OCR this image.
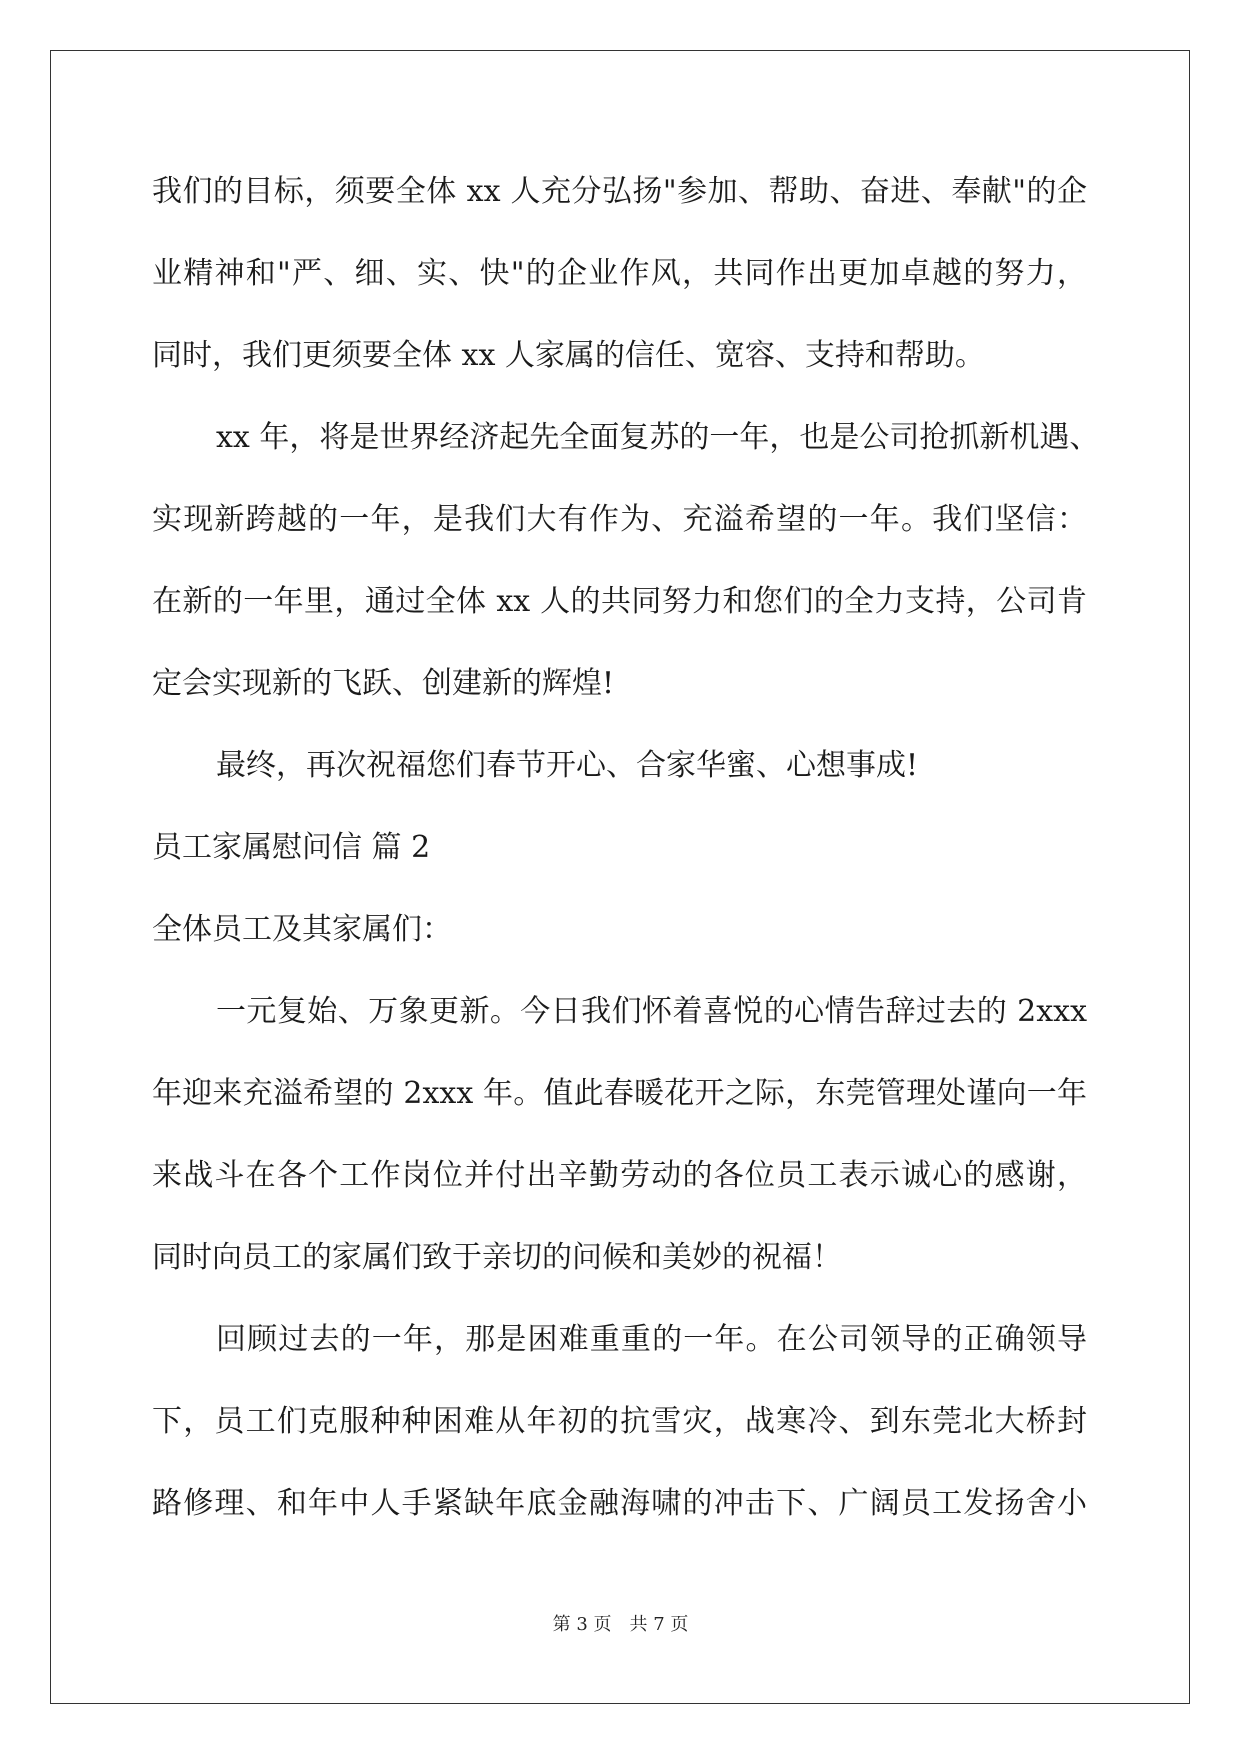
我们的目标，须要全体 xx 人充分弘扬"参加、帮助、奋进、奉献"的企
业精神和"严、细、实、快"的企业作风，共同作出更加卓越的努力，
同时，我们更须要全体 xx 人家属的信任、宽容、支持和帮助。
xx 年，将是世界经济起先全面复苏的一年，也是公司抢抓新机遇、
实现新跨越的一年，是我们大有作为、充溢希望的一年。我们坚信：
在新的一年里，通过全体 xx 人的共同努力和您们的全力支持，公司肯
定会实现新的飞跃、创建新的辉煌!
最终，再次祝福您们春节开心、合家华蜜、心想事成!
员工家属慰问信 篇 2
全体员工及其家属们：
一元复始、万象更新。今日我们怀着喜悦的心情告辞过去的 2xxx
年迎来充溢希望的 2xxx 年。值此春暖花开之际，东莞管理处谨向一年
来战斗在各个工作岗位并付出辛勤劳动的各位员工表示诚心的感谢，
同时向员工的家属们致于亲切的问候和美妙的祝福！
回顾过去的一年，那是困难重重的一年。在公司领导的正确领导
下，员工们克服种种困难从年初的抗雪灾，战寒冷、到东莞北大桥封
路修理、和年中人手紧缺年底金融海啸的冲击下、广阔员工发扬舍小
第 3 页 共 7 页
